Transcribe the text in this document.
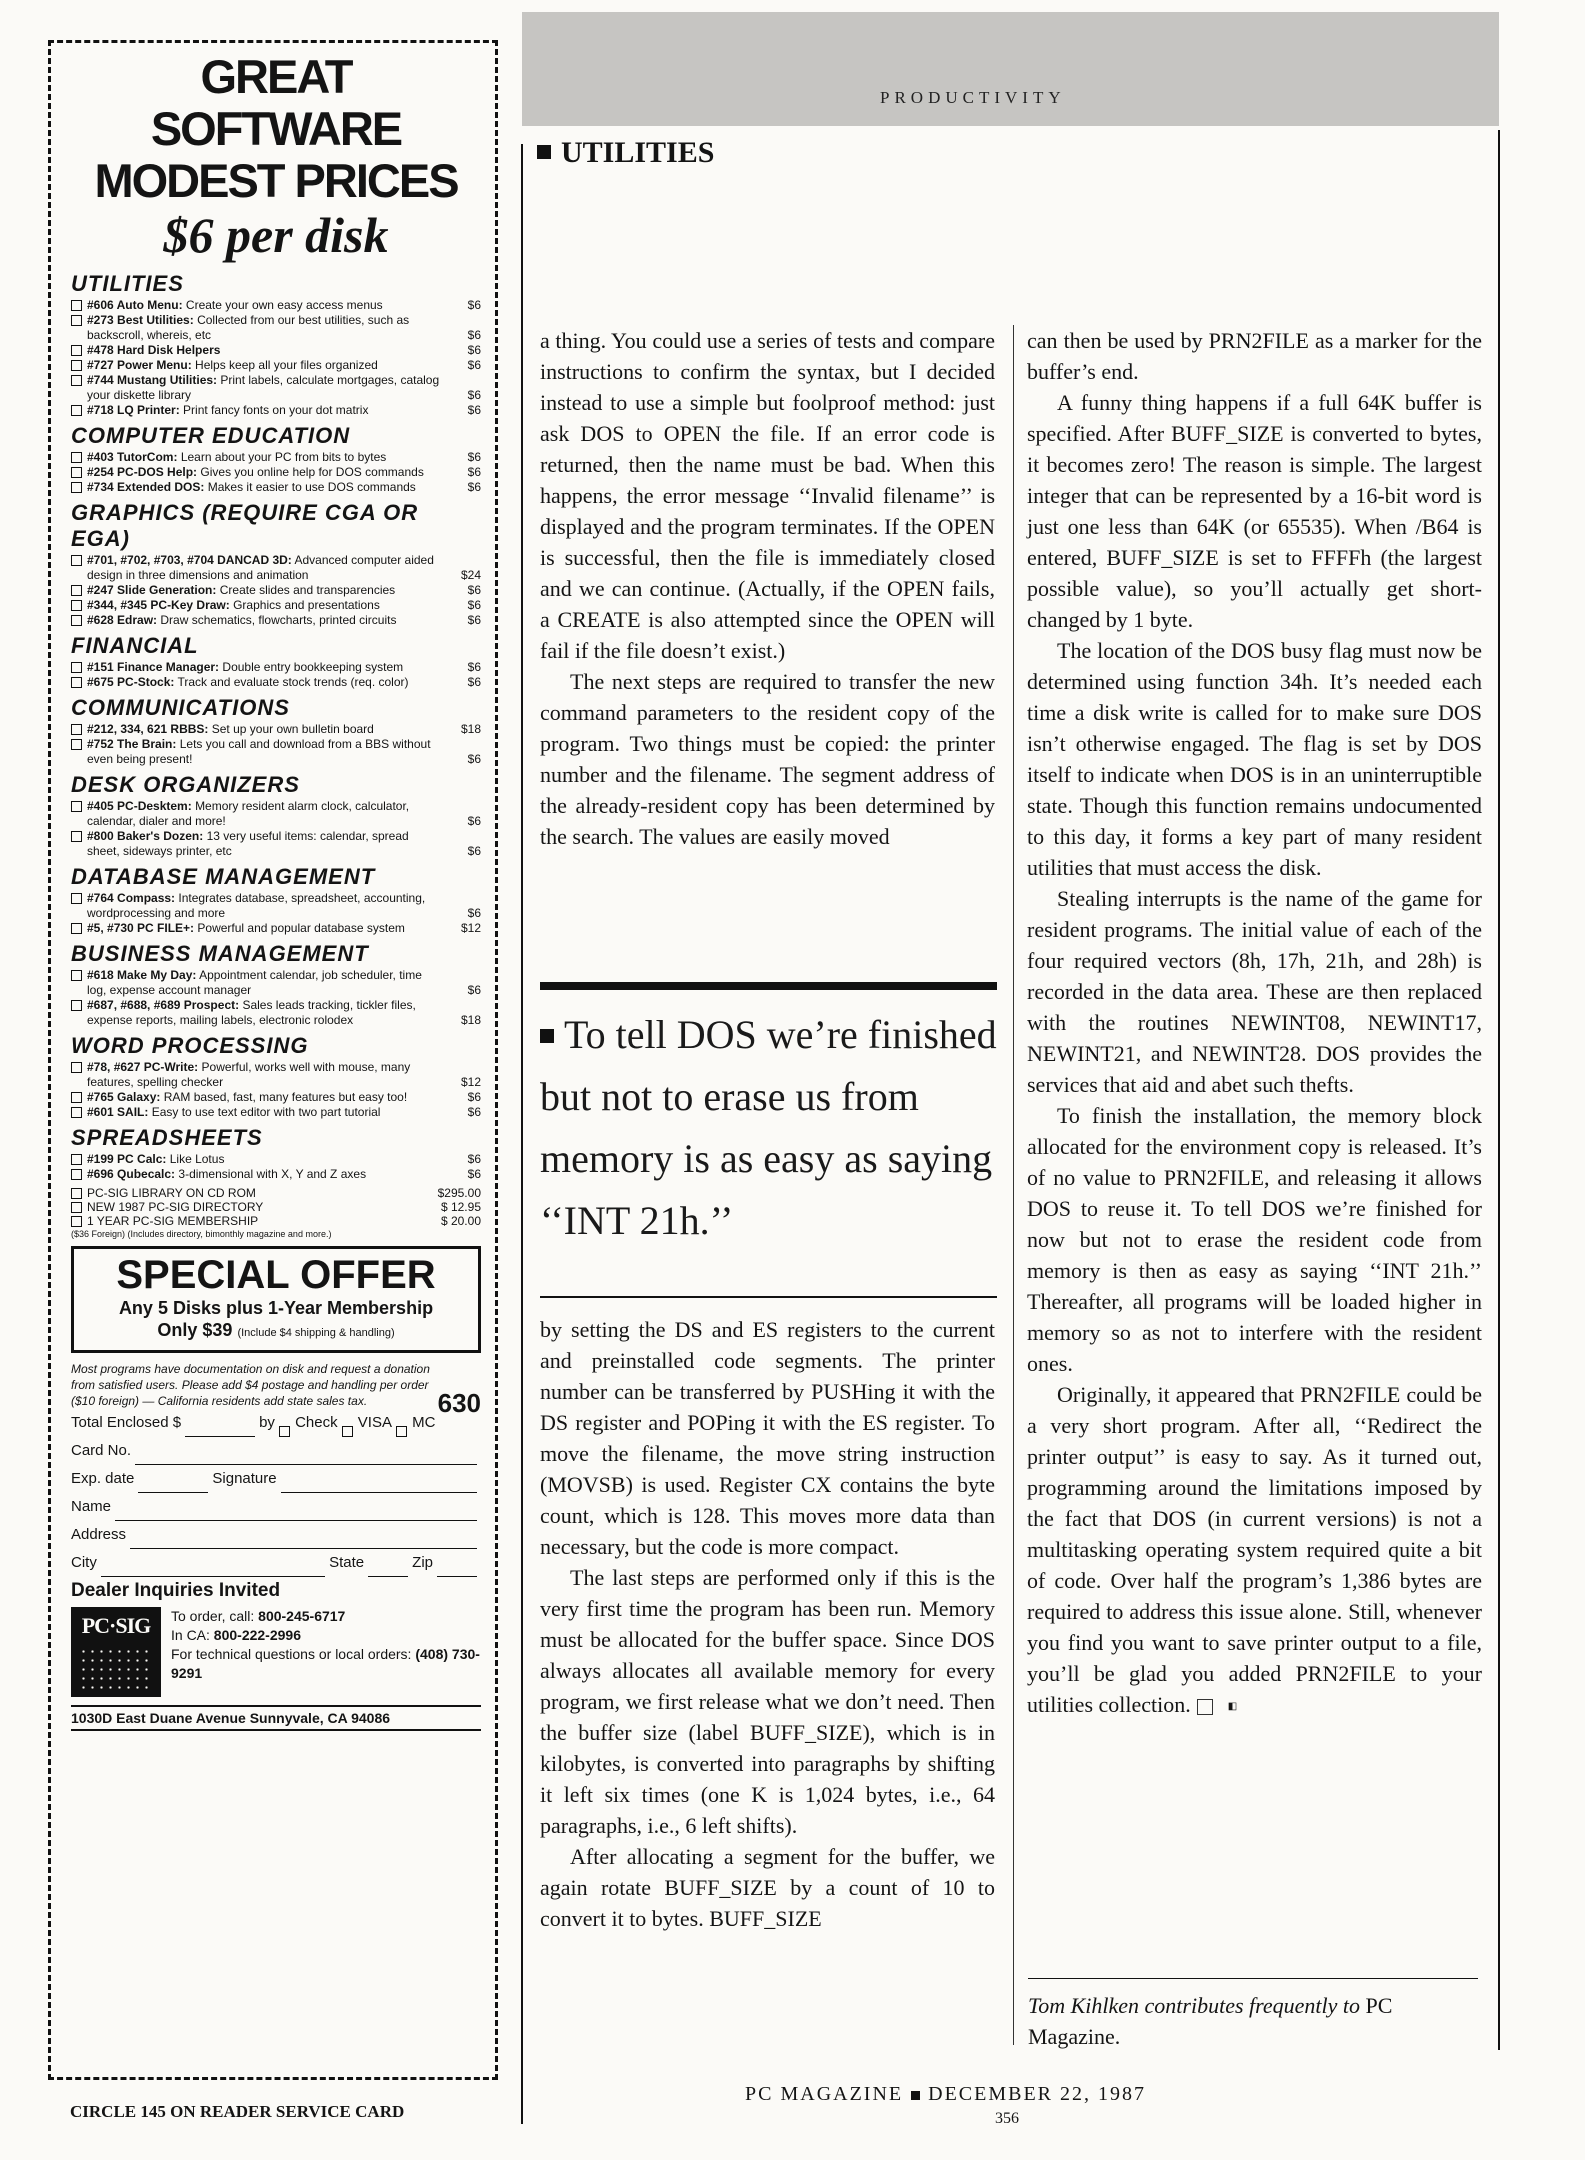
GREAT SOFTWARE
MODEST PRICES
$6 per disk
UTILITIES
#606 Auto Menu: Create your own easy access menus	$6
#273 Best Utilities: Collected from our best utilities, such as backscroll, whereis, etc	$6
#478 Hard Disk Helpers	$6
#727 Power Menu: Helps keep all your files organized	$6
#744 Mustang Utilities: Print labels, calculate mortgages, catalog your diskette library	$6
#718 LQ Printer: Print fancy fonts on your dot matrix	$6
COMPUTER EDUCATION
#403 TutorCom: Learn about your PC from bits to bytes	$6
#254 PC-DOS Help: Gives you online help for DOS commands	$6
#734 Extended DOS: Makes it easier to use DOS commands	$6
GRAPHICS (REQUIRE CGA OR EGA)
#701, #702, #703, #704 DANCAD 3D: Advanced computer aided design in three dimensions and animation	$24
#247 Slide Generation: Create slides and transparencies	$6
#344, #345 PC-Key Draw: Graphics and presentations	$6
#628 Edraw: Draw schematics, flowcharts, printed circuits	$6
FINANCIAL
#151 Finance Manager: Double entry bookkeeping system	$6
#675 PC-Stock: Track and evaluate stock trends (req. color)	$6
COMMUNICATIONS
#212, 334, 621 RBBS: Set up your own bulletin board	$18
#752 The Brain: Lets you call and download from a BBS without even being present!	$6
DESK ORGANIZERS
#405 PC-Desktem: Memory resident alarm clock, calculator, calendar, dialer and more!	$6
#800 Baker's Dozen: 13 very useful items: calendar, spread sheet, sideways printer, etc	$6
DATABASE MANAGEMENT
#764 Compass: Integrates database, spreadsheet, accounting, wordprocessing and more	$6
#5, #730 PC FILE+: Powerful and popular database system	$12
BUSINESS MANAGEMENT
#618 Make My Day: Appointment calendar, job scheduler, time log, expense account manager	$6
#687, #688, #689 Prospect: Sales leads tracking, tickler files, expense reports, mailing labels, electronic rolodex	$18
WORD PROCESSING
#78, #627 PC-Write: Powerful, works well with mouse, many features, spelling checker	$12
#765 Galaxy: RAM based, fast, many features but easy too!	$6
#601 SAIL: Easy to use text editor with two part tutorial	$6
SPREADSHEETS
#199 PC Calc: Like Lotus	$6
#696 Qubecalc: 3-dimensional with X, Y and Z axes	$6
PC-SIG LIBRARY ON CD ROM	$295.00
NEW 1987 PC-SIG DIRECTORY	$ 12.95
1 YEAR PC-SIG MEMBERSHIP	$ 20.00
($36 Foreign) (Includes directory, bimonthly magazine and more.)
SPECIAL OFFER
Any 5 Disks plus 1-Year Membership
Only $39 (Include $4 shipping & handling)
Most programs have documentation on disk and request a donation from satisfied users. Please add $4 postage and handling per order ($10 foreign) — California residents add state sales tax.	630
Total Enclosed $	by
Check
VISA
MC
Card No.
Exp. date	Signature
Name
Address
City	State	Zip
Dealer Inquiries Invited
PC·SIG	To order, call: 800-245-6717
In CA: 800-222-2996
For technical questions or local orders: (408) 730-9291
1030D East Duane Avenue Sunnyvale, CA 94086
CIRCLE 145 ON READER SERVICE CARD
PRODUCTIVITY
UTILITIES

a thing. You could use a series of tests and compare instructions to confirm the syntax, but I decided instead to use a simple but foolproof method: just ask DOS to OPEN the file. If an error code is returned, then the name must be bad. When this happens, the error message ‘‘Invalid filename’’ is displayed and the program terminates. If the OPEN is successful, then the file is immediately closed and we can continue. (Actually, if the OPEN fails, a CREATE is also attempted since the OPEN will fail if the file doesn’t exist.)

The next steps are required to transfer the new command parameters to the resident copy of the program. Two things must be copied: the printer number and the filename. The segment address of the already-resident copy has been determined by the search. The values are easily moved

To tell DOS we’re finished but not to erase us from memory is as easy as saying ‘‘INT 21h.’’

by setting the DS and ES registers to the current and preinstalled code segments. The printer number can be transferred by PUSHing it with the DS register and POPing it with the ES register. To move the filename, the move string instruction (MOVSB) is used. Register CX contains the byte count, which is 128. This moves more data than necessary, but the code is more compact.

The last steps are performed only if this is the very first time the program has been run. Memory must be allocated for the buffer space. Since DOS always allocates all available memory for every program, we first release what we don’t need. Then the buffer size (label BUFF_SIZE), which is in kilobytes, is converted into paragraphs by shifting it left six times (one K is 1,024 bytes, i.e., 64 paragraphs, i.e., 6 left shifts).

After allocating a segment for the buffer, we again rotate BUFF_SIZE by a count of 10 to convert it to bytes. BUFF_SIZE

can then be used by PRN2FILE as a marker for the buffer’s end.

A funny thing happens if a full 64K buffer is specified. After BUFF_SIZE is converted to bytes, it becomes zero! The reason is simple. The largest integer that can be represented by a 16-bit word is just one less than 64K (or 65535). When /B64 is entered, BUFF_SIZE is set to FFFFh (the largest possible value), so you’ll actually get short-changed by 1 byte.

The location of the DOS busy flag must now be determined using function 34h. It’s needed each time a disk write is called for to make sure DOS isn’t otherwise engaged. The flag is set by DOS itself to indicate when DOS is in an uninterruptible state. Though this function remains undocumented to this day, it forms a key part of many resident utilities that must access the disk.

Stealing interrupts is the name of the game for resident programs. The initial value of each of the four required vectors (8h, 17h, 21h, and 28h) is recorded in the data area. These are then replaced with the routines NEWINT08, NEWINT17, NEWINT21, and NEWINT28. DOS provides the services that aid and abet such thefts.

To finish the installation, the memory block allocated for the environment copy is released. It’s of no value to PRN2FILE, and releasing it allows DOS to reuse it. To tell DOS we’re finished for now but not to erase the resident code from memory is then as easy as saying ‘‘INT 21h.’’ Thereafter, all programs will be loaded higher in memory so as not to interfere with the resident ones.

Originally, it appeared that PRN2FILE could be a very short program. After all, ‘‘Redirect the printer output’’ is easy to say. As it turned out, programming around the limitations imposed by the fact that DOS (in current versions) is not a multitasking operating system required quite a bit of code. Over half the program’s 1,386 bytes are required to address this issue alone. Still, whenever you find you want to save printer output to a file, you’ll be glad you added PRN2FILE to your utilities collection.	◧

Tom Kihlken contributes frequently to PC Magazine.
PC MAGAZINE DECEMBER 22, 1987
356
